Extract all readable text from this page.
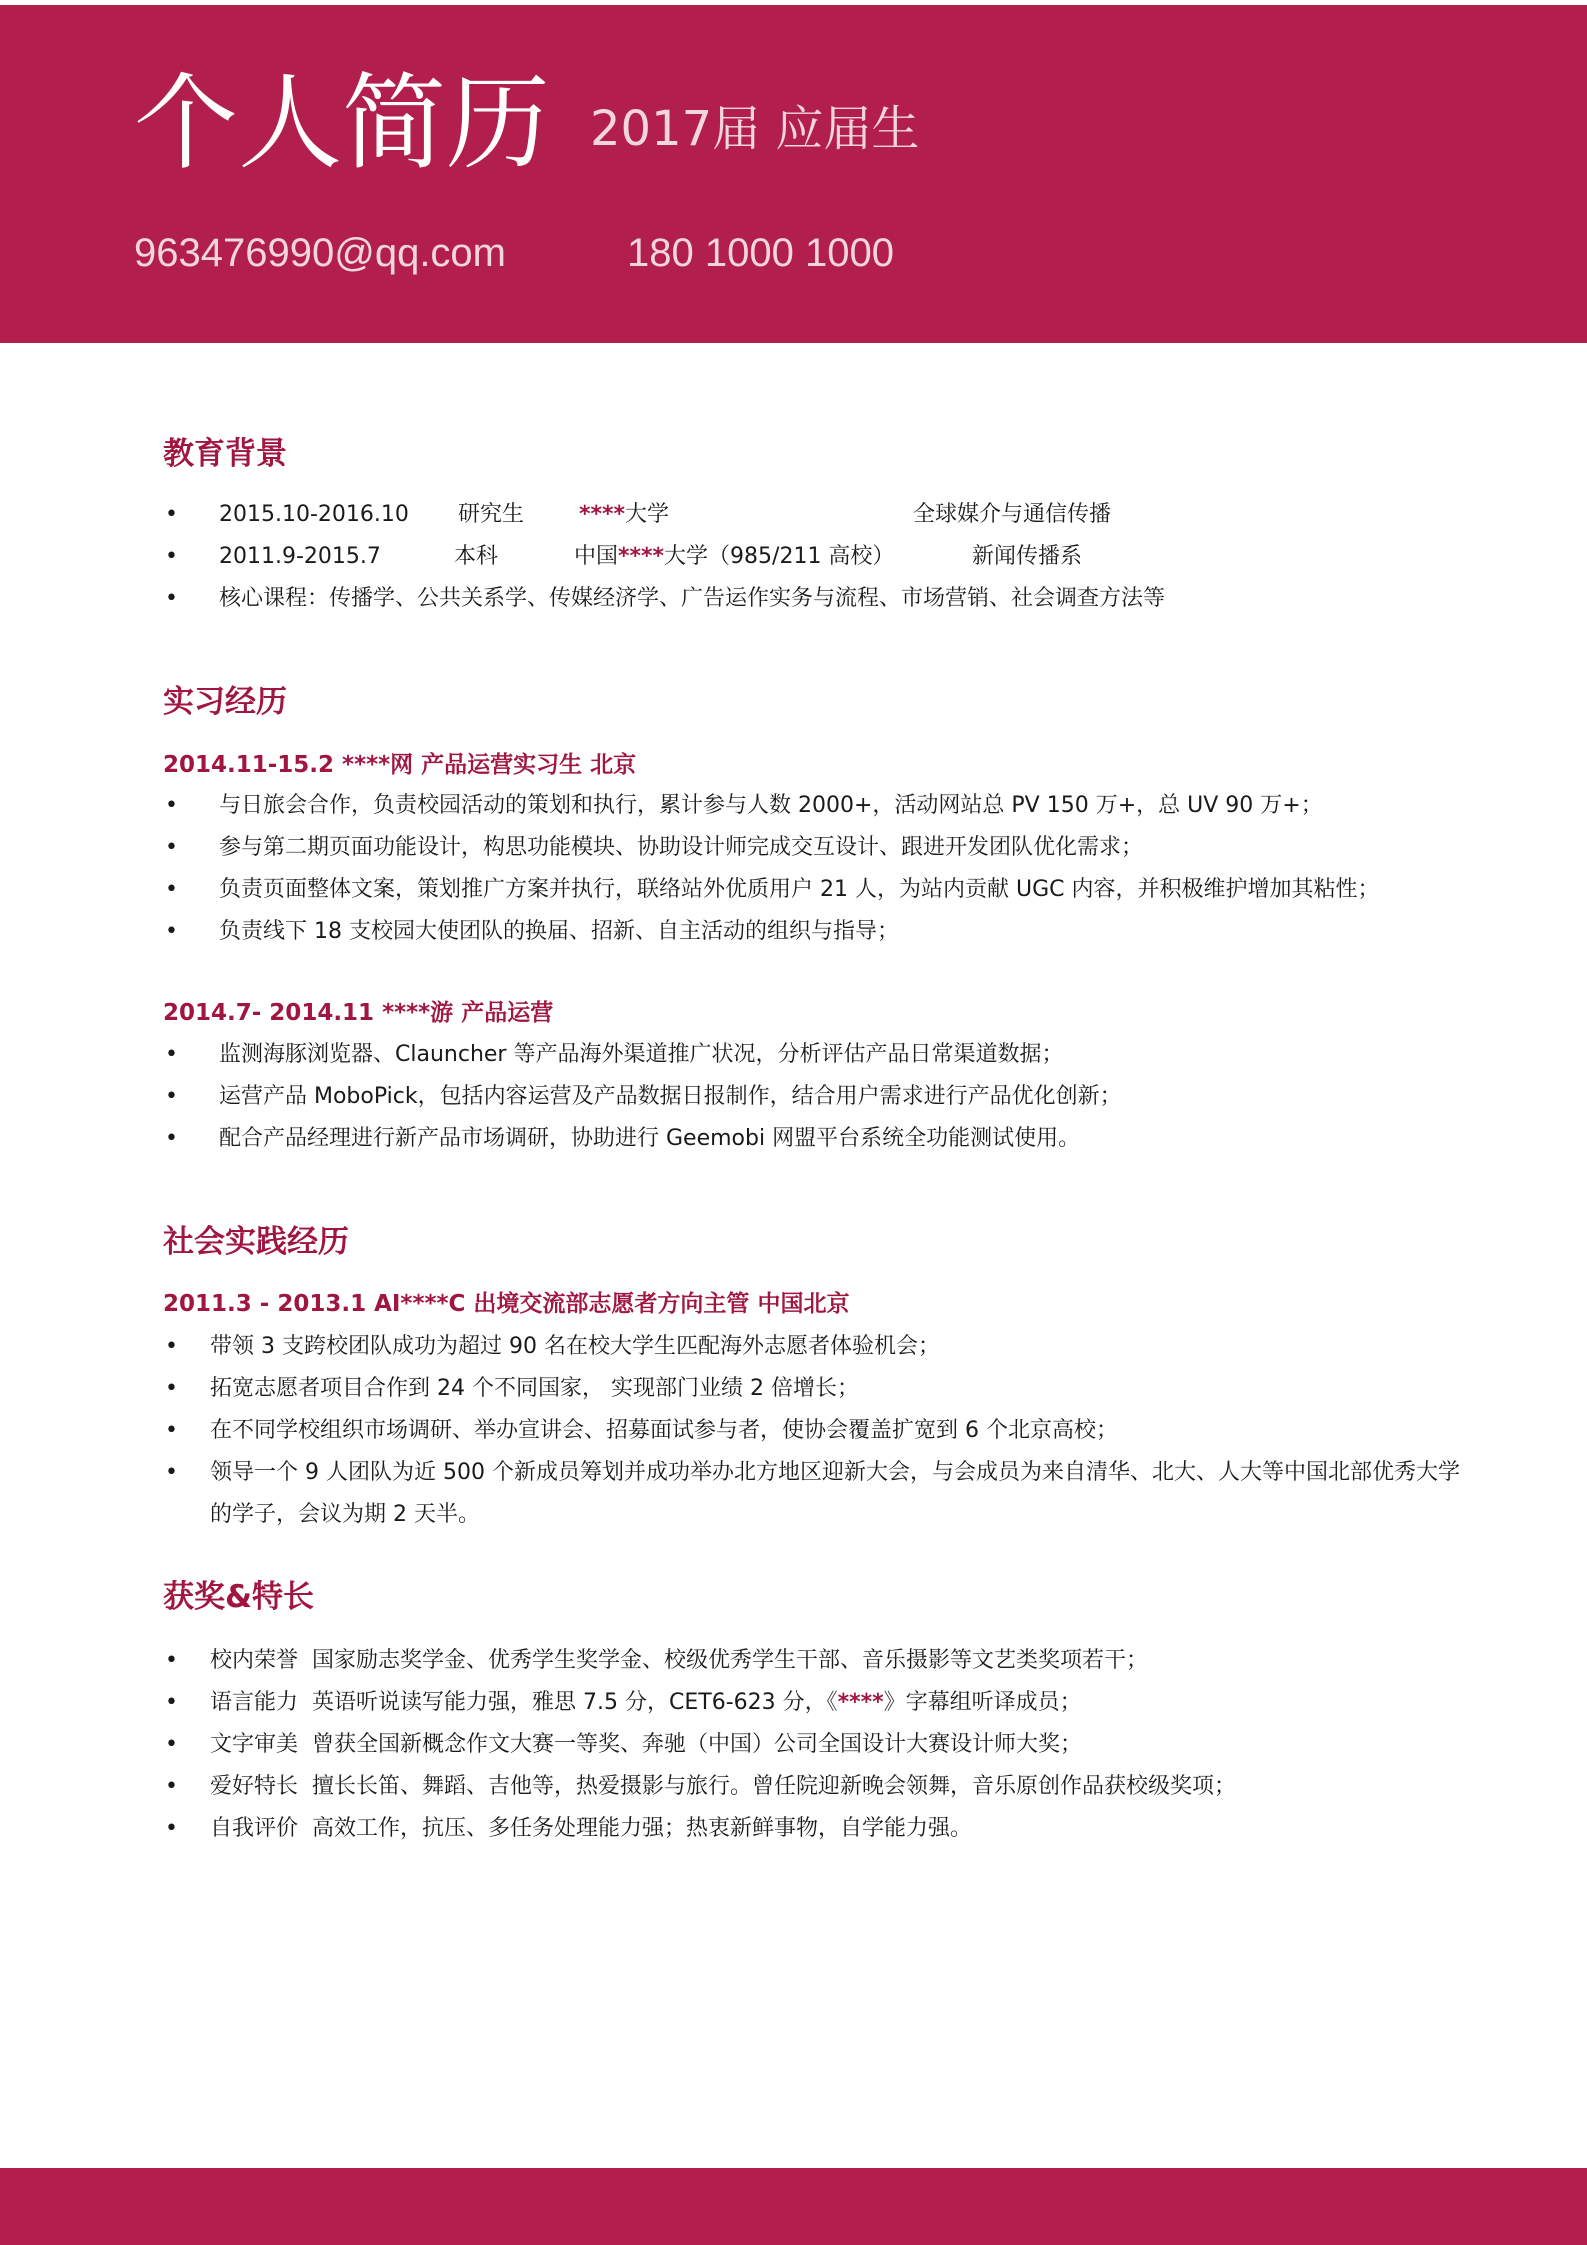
个人简历 2017届 应届生
963476990@qq.com	180 1000 1000
教育背景
• 2015.10-2016.10 研究生 ****大学	全球媒介与通信传播
• 2011.9-2015.7	本科	中国****大学（985/211 高校）	新闻传播系
• 核心课程：传播学、公共关系学、传媒经济学、广告运作实务与流程、市场营销、社会调查方法等
实习经历
2014.11-15.2 ****网 产品运营实习生 北京
• 与日旅会合作，负责校园活动的策划和执行，累计参与人数 2000+，活动网站总 PV 150 万+，总 UV 90 万+；
• 参与第二期页面功能设计，构思功能模块、协助设计师完成交互设计、跟进开发团队优化需求；
• 负责页面整体文案，策划推广方案并执行，联络站外优质用户 21 人，为站内贡献 UGC 内容，并积极维护增加其粘性；
• 负责线下 18 支校园大使团队的换届、招新、自主活动的组织与指导；
2014.7- 2014.11 ****游 产品运营
• 监测海豚浏览器、Clauncher 等产品海外渠道推广状况，分析评估产品日常渠道数据；
• 运营产品 MoboPick，包括内容运营及产品数据日报制作，结合用户需求进行产品优化创新；
• 配合产品经理进行新产品市场调研，协助进行 Geemobi 网盟平台系统全功能测试使用。
社会实践经历
2011.3 - 2013.1 AI****C 出境交流部志愿者方向主管 中国北京
• 带领 3 支跨校团队成功为超过 90 名在校大学生匹配海外志愿者体验机会；
• 拓宽志愿者项目合作到 24 个不同国家， 实现部门业绩 2 倍增长；
• 在不同学校组织市场调研、举办宣讲会、招募面试参与者，使协会覆盖扩宽到 6 个北京高校；
• 领导一个 9 人团队为近 500 个新成员筹划并成功举办北方地区迎新大会，与会成员为来自清华、北大、人大等中国北部优秀大学的学子，会议为期 2 天半。
获奖&特长
• 校内荣誉 国家励志奖学金、优秀学生奖学金、校级优秀学生干部、音乐摄影等文艺类奖项若干；
• 语言能力 英语听说读写能力强，雅思 7.5 分，CET6-623 分，《****》字幕组听译成员；
• 文字审美 曾获全国新概念作文大赛一等奖、奔驰（中国）公司全国设计大赛设计师大奖；
• 爱好特长 擅长长笛、舞蹈、吉他等，热爱摄影与旅行。曾任院迎新晚会领舞，音乐原创作品获校级奖项；
• 自我评价 高效工作，抗压、多任务处理能力强；热衷新鲜事物，自学能力强。
